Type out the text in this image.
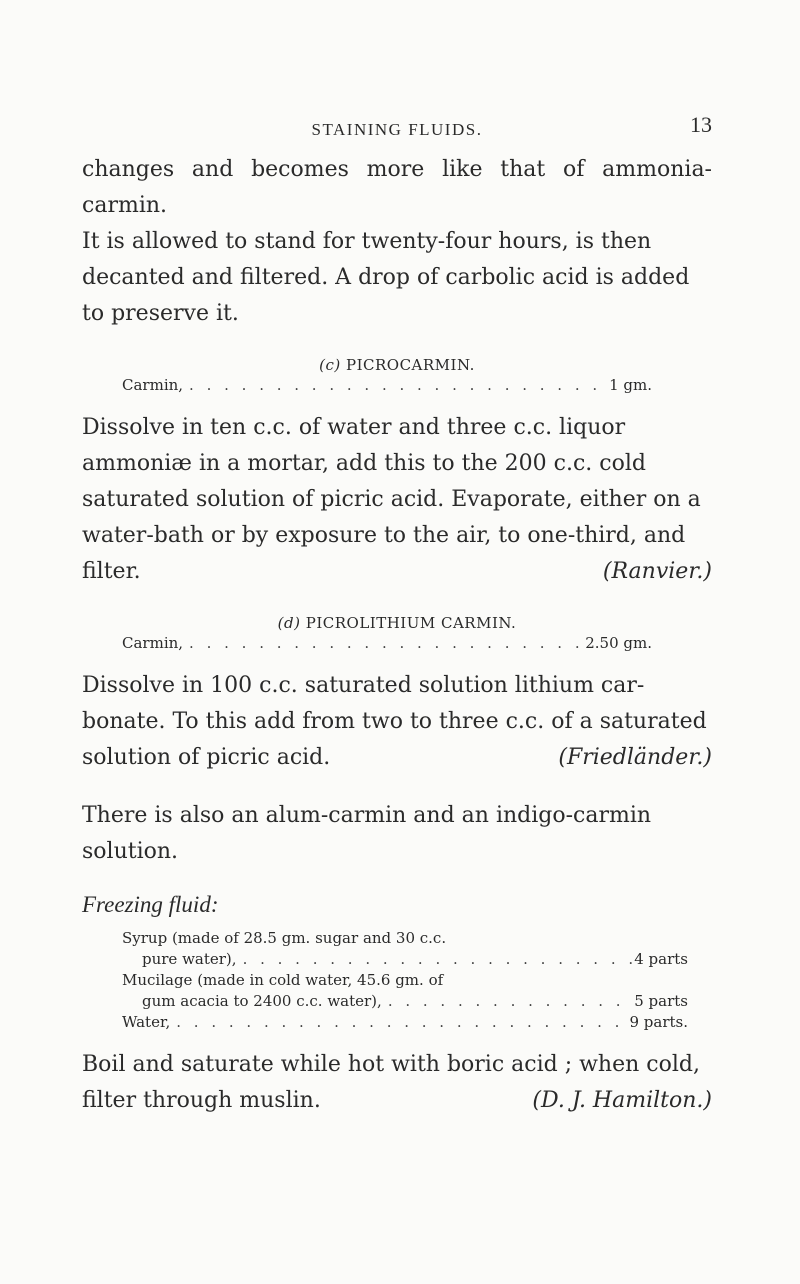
STAINING FLUIDS.	13

changes and becomes more like that of ammonia-carmin.
It is allowed to stand for twenty-four hours, is then
decanted and filtered. A drop of carbolic acid is added
to preserve it.

(c) PICROCARMIN.
Carmin, . . .	1 gm.

Dissolve in ten c.c. of water and three c.c. liquor
ammoniæ in a mortar, add this to the 200 c.c. cold
saturated solution of picric acid. Evaporate, either on a
water-bath or by exposure to the air, to one-third, and

filter.	(Ranvier.)
(d) PICROLITHIUM CARMIN.
Carmin, . . .	2.50 gm.

Dissolve in 100 c.c. saturated solution lithium car-
bonate. To this add from two to three c.c. of a saturated

solution of picric acid.	(Friedländer.)

There is also an alum-carmin and an indigo-carmin
solution.

Freezing fluid:
Syrup (made of 28.5 gm. sugar and 30 c.c.
pure water), . . .	4 parts
Mucilage (made in cold water, 45.6 gm. of
gum acacia to 2400 c.c. water), . . .	5 parts
Water, . . .	9 parts.

Boil and saturate while hot with boric acid ; when cold,

filter through muslin.	(D. J. Hamilton.)
